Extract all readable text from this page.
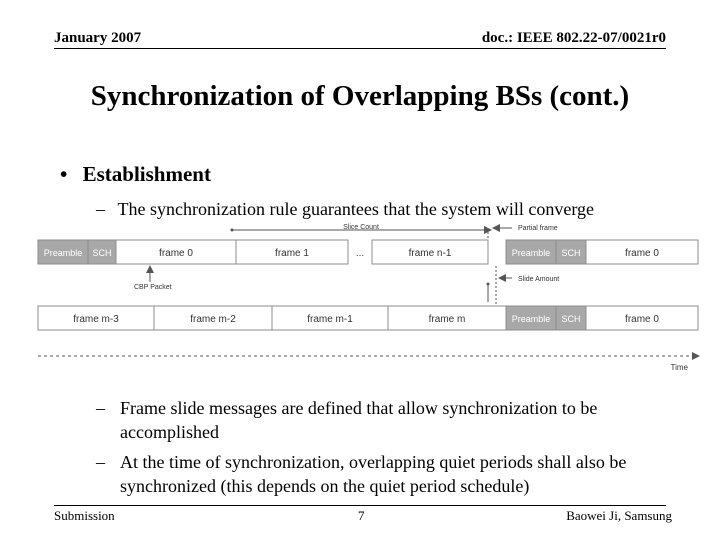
January 2007	doc.: IEEE 802.22-07/0021r0
Synchronization of Overlapping BSs (cont.)
• Establishment
– The synchronization rule guarantees that the system will converge
Preamble SCH	frame 0	frame 1	...	frame n-1	Preamble SCH	frame 0
Slice Count	Partial frame
Slide Amount
CBP Packet
frame m-3	frame m-2	frame m-1	frame m	Preamble SCH	frame 0
Time
– Frame slide messages are defined that allow synchronization to be accomplished
– At the time of synchronization, overlapping quiet periods shall also be synchronized (this depends on the quiet period schedule)
Submission	7	Baowei Ji, Samsung
